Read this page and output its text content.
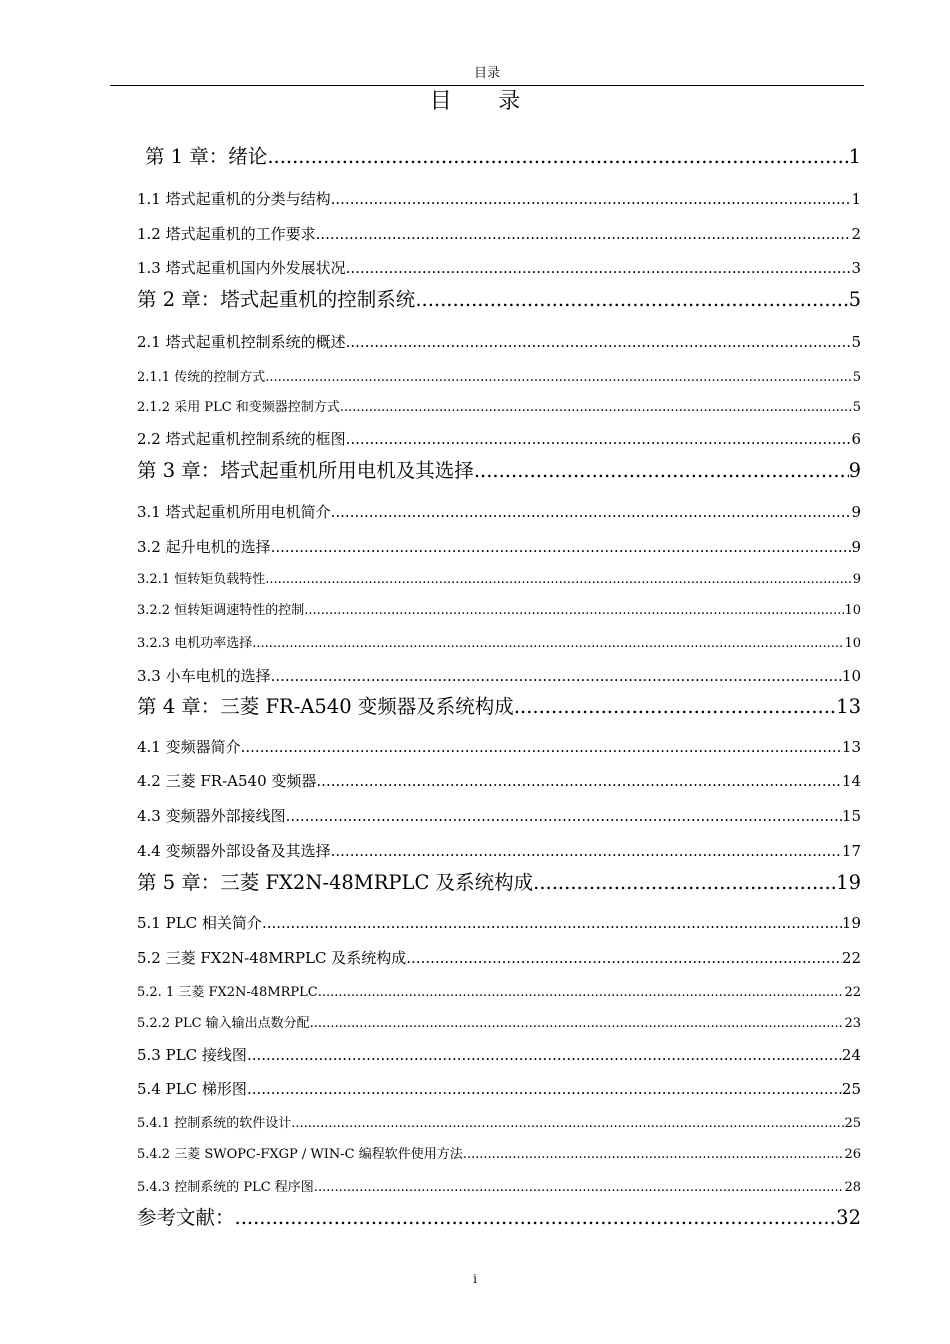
目录
目 录
第 1 章：绪论 .....	1
1.1 塔式起重机的分类与结构 .....	1
1.2 塔式起重机的工作要求 .....	2
1.3 塔式起重机国内外发展状况 .....	3
第 2 章：塔式起重机的控制系统 .....	5
2.1 塔式起重机控制系统的概述 .....	5
2.1.1 传统的控制方式 .....	5
2.1.2 采用 PLC 和变频器控制方式 .....	5
2.2 塔式起重机控制系统的框图 .....	6
第 3 章：塔式起重机所用电机及其选择 .....	9
3.1 塔式起重机所用电机简介 .....	9
3.2 起升电机的选择 .....	9
3.2.1 恒转矩负载特性 .....	9
3.2.2 恒转矩调速特性的控制 .....	10
3.2.3 电机功率选择 .....	10
3.3 小车电机的选择 .....	10
第 4 章：三菱 FR-A540 变频器及系统构成 .....	13
4.1 变频器简介 .....	13
4.2 三菱 FR-A540 变频器 .....	14
4.3 变频器外部接线图 .....	15
4.4 变频器外部设备及其选择 .....	17
第 5 章：三菱 FX2N-48MRPLC 及系统构成 .....	19
5.1 PLC 相关简介 .....	19
5.2 三菱 FX2N-48MRPLC 及系统构成 .....	22
5.2. 1 三菱 FX2N-48MRPLC .....	22
5.2.2 PLC 输入输出点数分配 .....	23
5.3 PLC 接线图 .....	24
5.4 PLC 梯形图 .....	25
5.4.1 控制系统的软件设计 .....	25
5.4.2 三菱 SWOPC-FXGP / WIN-C 编程软件使用方法 .....	26
5.4.3 控制系统的 PLC 程序图 .....	28
参考文献： .....	32
i
